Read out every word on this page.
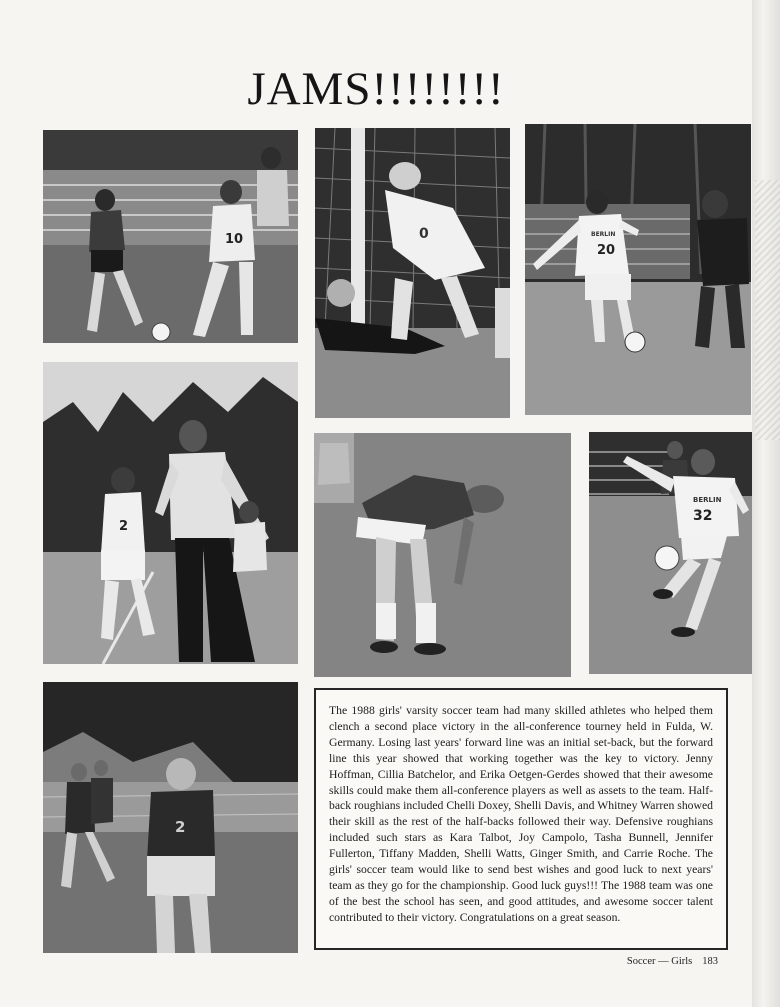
JAMS!!!!!!!!
10	0	BERLIN
20
2
BERLIN
32
2

The 1988 girls' varsity soccer team had many skilled athletes who helped them clench a second place victory in the all-conference tourney held in Fulda, W. Germany. Losing last years' forward line was an initial set-back, but the forward line this year showed that working together was the key to victory. Jenny Hoffman, Cillia Batchelor, and Erika Oetgen-Gerdes showed that their awesome skills could make them all-conference players as well as assets to the team. Half-back roughians included Chelli Doxey, Shelli Davis, and Whitney Warren showed their skill as the rest of the half-backs followed their way. Defensive roughians included such stars as Kara Talbot, Joy Campolo, Tasha Bunnell, Jennifer Fullerton, Tiffany Madden, Shelli Watts, Ginger Smith, and Carrie Roche. The girls' soccer team would like to send best wishes and good luck to next years' team as they go for the championship. Good luck guys!!! The 1988 team was one of the best the school has seen, and good attitudes, and awesome soccer talent contributed to their victory. Congratulations on a great season.

Soccer — Girls 183
